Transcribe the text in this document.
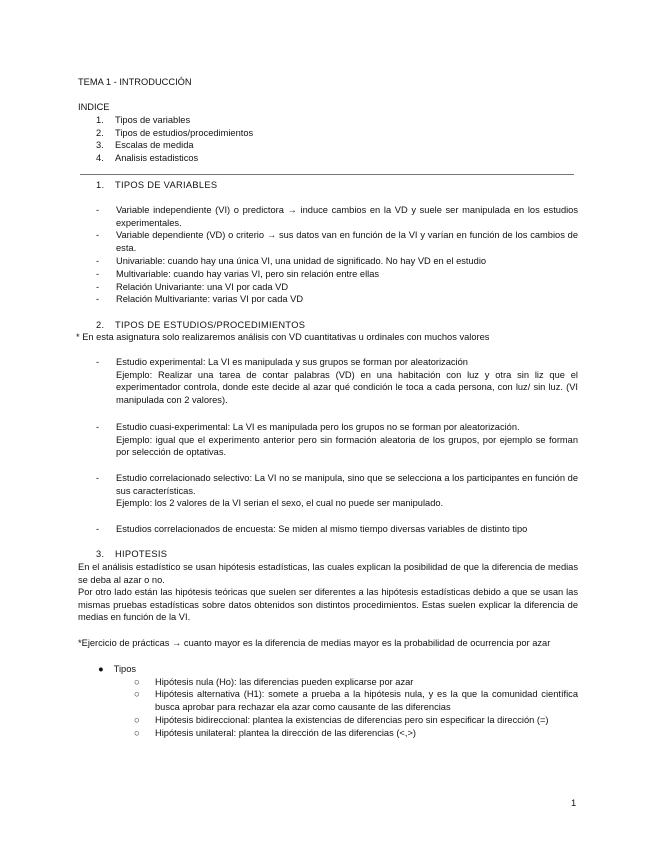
TEMA 1 - INTRODUCCIÓN
INDICE
1. Tipos de variables
2. Tipos de estudios/procedimientos
3. Escalas de medida
4. Analisis estadisticos
1. TIPOS DE VARIABLES
- Variable independiente (VI) o predictora → induce cambios en la VD y suele ser manipulada en los estudios experimentales.
- Variable dependiente (VD) o criterio → sus datos van en función de la VI y varían en función de los cambios de esta.
- Univariable: cuando hay una única VI, una unidad de significado. No hay VD en el estudio
- Multivariable: cuando hay varias VI, pero sin relación entre ellas
- Relación Univariante: una VI por cada VD
- Relación Multivariante: varias VI por cada VD
2. TIPOS DE ESTUDIOS/PROCEDIMIENTOS
* En esta asignatura solo realizaremos análisis con VD cuantitativas u ordinales con muchos valores
- Estudio experimental: La VI es manipulada y sus grupos se forman por aleatorización

Ejemplo: Realizar una tarea de contar palabras (VD) en una habitación con luz y otra sin liz que el experimentador controla, donde este decide al azar qué condición le toca a cada persona, con luz/ sin luz. (VI manipulada con 2 valores).

- Estudio cuasi-experimental: La VI es manipulada pero los grupos no se forman por aleatorización.

Ejemplo: igual que el experimento anterior pero sin formación aleatoria de los grupos, por ejemplo se forman por selección de optativas.

- Estudio correlacionado selectivo: La VI no se manipula, sino que se selecciona a los participantes en función de sus características.

Ejemplo: los 2 valores de la VI serian el sexo, el cual no puede ser manipulado.

- Estudios correlacionados de encuesta: Se miden al mismo tiempo diversas variables de distinto tipo

3. HIPOTESIS
En el análisis estadístico se usan hipótesis estadísticas, las cuales explican la posibilidad de que la diferencia de medias se deba al azar o no.
Por otro lado están las hipótesis teóricas que suelen ser diferentes a las hipótesis estadísticas debido a que se usan las mismas pruebas estadísticas sobre datos obtenidos son distintos procedimientos. Estas suelen explicar la diferencia de medias en función de la VI.
*Ejercicio de prácticas → cuanto mayor es la diferencia de medias mayor es la probabilidad de ocurrencia por azar
● Tipos
○ Hipótesis nula (Ho): las diferencias pueden explicarse por azar
○ Hipótesis alternativa (H1): somete a prueba a la hipótesis nula, y es la que la comunidad científica busca aprobar para rechazar ela azar como causante de las diferencias
○ Hipótesis bidireccional: plantea la existencias de diferencias pero sin especificar la dirección (=)
○ Hipótesis unilateral: plantea la dirección de las diferencias (<,>)
1
